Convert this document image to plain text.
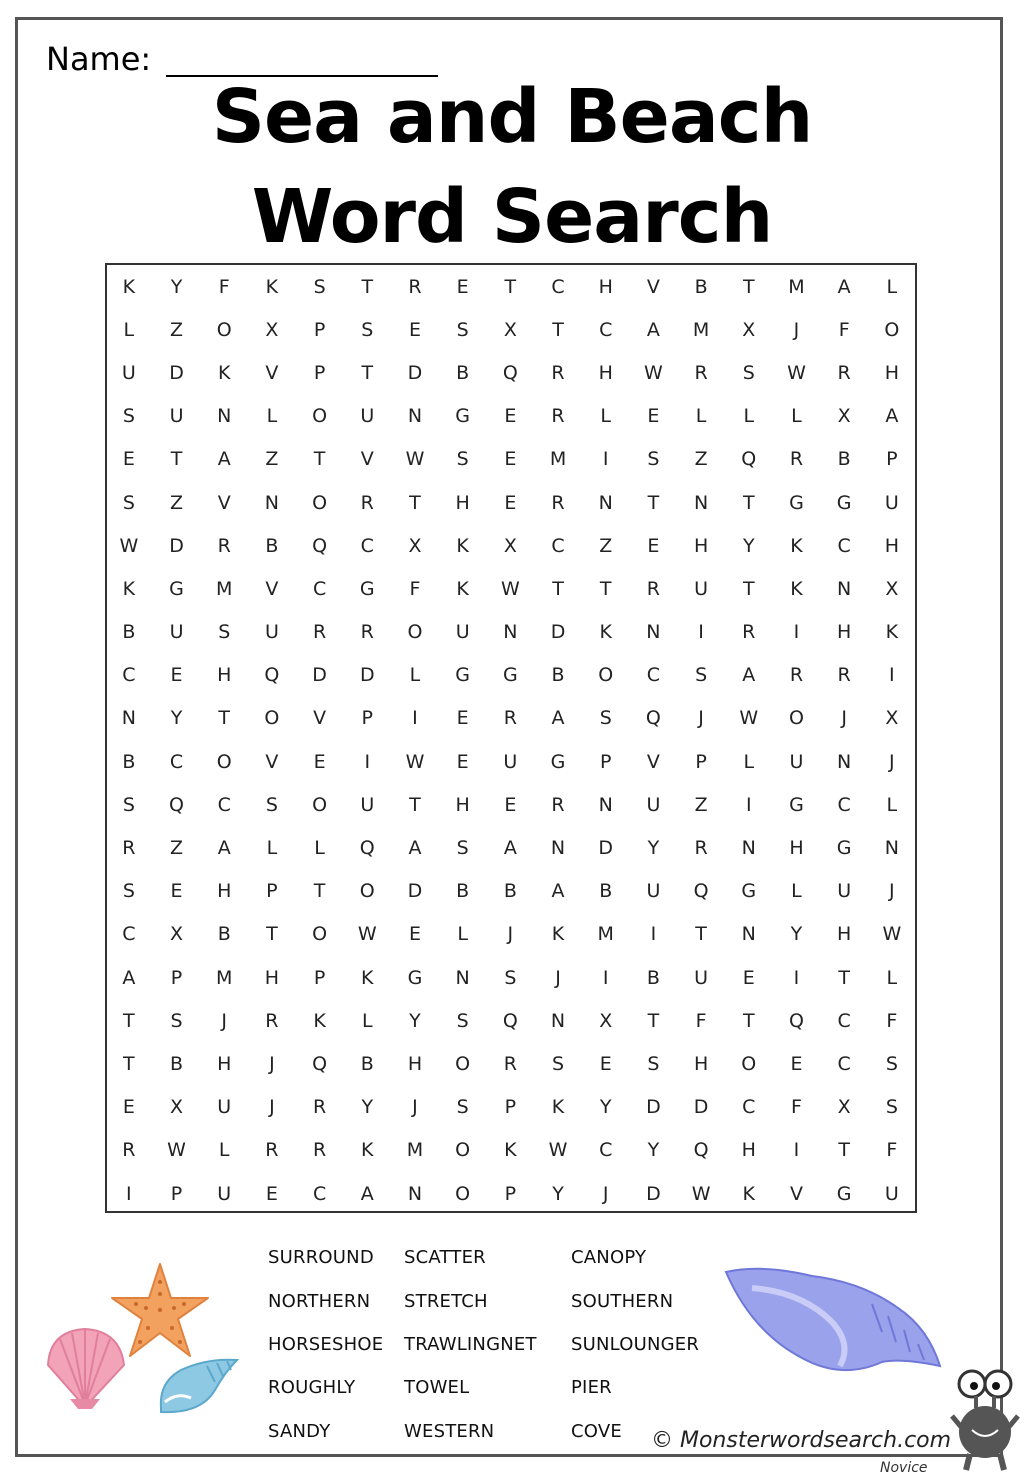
Name:
Sea and Beach
Word Search
K	Y	F	K	S	T	R	E	T	C	H	V	B	T	M	A	L
L	Z	O	X	P	S	E	S	X	T	C	A	M	X	J	F	O
U	D	K	V	P	T	D	B	Q	R	H	W	R	S	W	R	H
S	U	N	L	O	U	N	G	E	R	L	E	L	L	L	X	A
E	T	A	Z	T	V	W	S	E	M	I	S	Z	Q	R	B	P
S	Z	V	N	O	R	T	H	E	R	N	T	N	T	G	G	U
W	D	R	B	Q	C	X	K	X	C	Z	E	H	Y	K	C	H
K	G	M	V	C	G	F	K	W	T	T	R	U	T	K	N	X
B	U	S	U	R	R	O	U	N	D	K	N	I	R	I	H	K
C	E	H	Q	D	D	L	G	G	B	O	C	S	A	R	R	I
N	Y	T	O	V	P	I	E	R	A	S	Q	J	W	O	J	X
B	C	O	V	E	I	W	E	U	G	P	V	P	L	U	N	J
S	Q	C	S	O	U	T	H	E	R	N	U	Z	I	G	C	L
R	Z	A	L	L	Q	A	S	A	N	D	Y	R	N	H	G	N
S	E	H	P	T	O	D	B	B	A	B	U	Q	G	L	U	J
C	X	B	T	O	W	E	L	J	K	M	I	T	N	Y	H	W
A	P	M	H	P	K	G	N	S	J	I	B	U	E	I	T	L
T	S	J	R	K	L	Y	S	Q	N	X	T	F	T	Q	C	F
T	B	H	J	Q	B	H	O	R	S	E	S	H	O	E	C	S
E	X	U	J	R	Y	J	S	P	K	Y	D	D	C	F	X	S
R	W	L	R	R	K	M	O	K	W	C	Y	Q	H	I	T	F
I	P	U	E	C	A	N	O	P	Y	J	D	W	K	V	G	U
SURROUND SCATTER	CANOPY
NORTHERN STRETCH	SOUTHERN
HORSESHOE TRAWLINGNET SUNLOUNGER
ROUGHLY	TOWEL	PIER
SANDY	WESTERN	COVE © Monsterwordsearch.com
Novice
